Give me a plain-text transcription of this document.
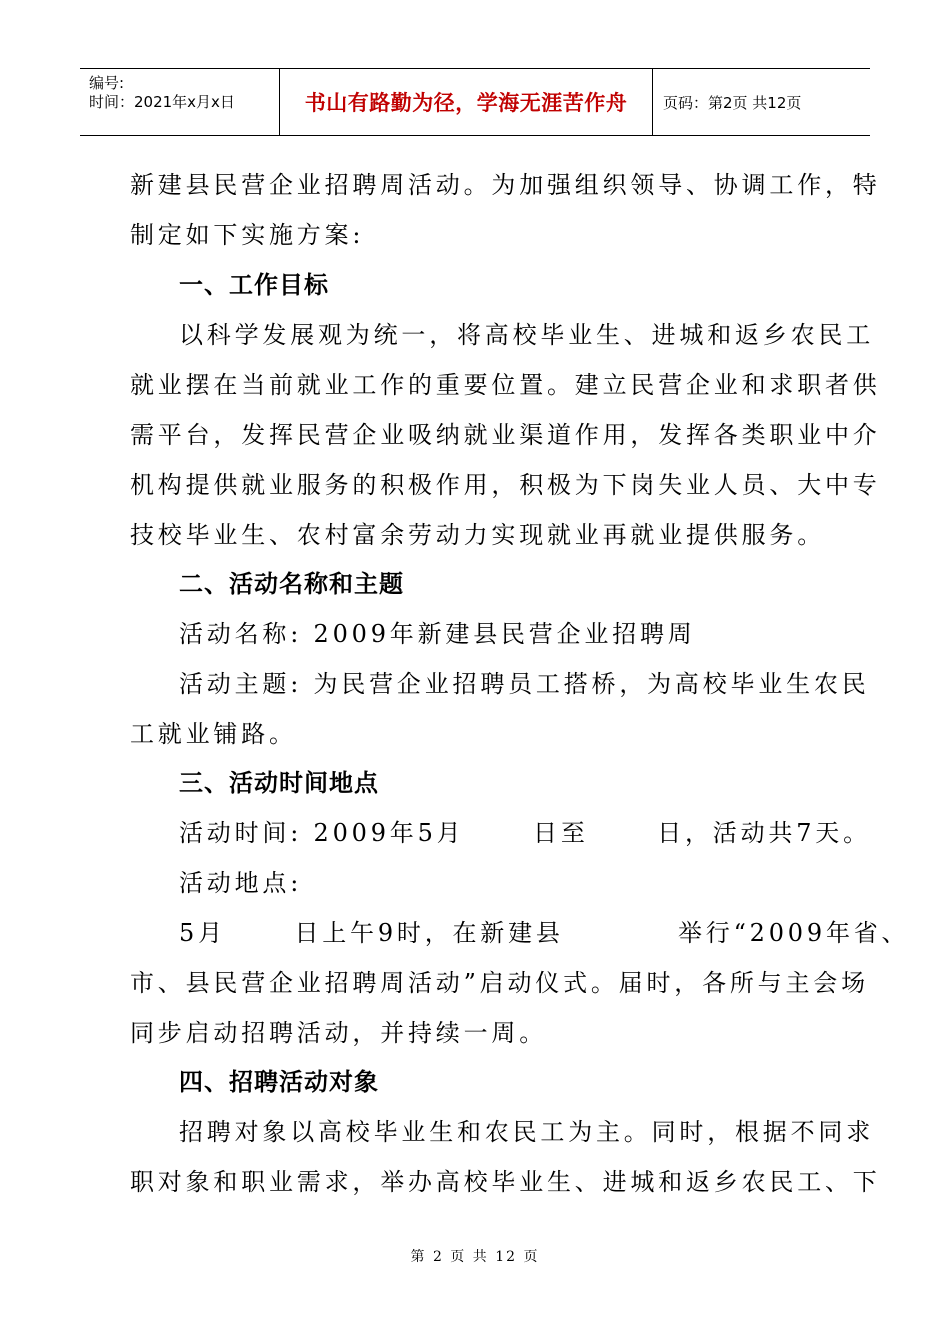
编号:
时间：2021年x月x日	书山有路勤为径，学海无涯苦作舟 页码：第2页 共12页
新建县民营企业招聘周活动。为加强组织领导、协调工作，特
制定如下实施方案:
一、工作目标
以科学发展观为统一，将高校毕业生、进城和返乡农民工
就业摆在当前就业工作的重要位置。建立民营企业和求职者供
需平台，发挥民营企业吸纳就业渠道作用，发挥各类职业中介
机构提供就业服务的积极作用，积极为下岗失业人员、大中专
技校毕业生、农村富余劳动力实现就业再就业提供服务。
二、活动名称和主题
活动名称: 2009年新建县民营企业招聘周
活动主题: 为民营企业招聘员工搭桥，为高校毕业生农民
工就业铺路。
三、活动时间地点
活动时间: 2009年5月      日至      日，活动共7天。
活动地点:
5月      日上午9时，在新建县          举行“2009年省、
市、县民营企业招聘周活动”启动仪式。届时，各所与主会场
同步启动招聘活动，并持续一周。
四、招聘活动对象
招聘对象以高校毕业生和农民工为主。同时，根据不同求
职对象和职业需求，举办高校毕业生、进城和返乡农民工、下
第 2 页 共 12 页
